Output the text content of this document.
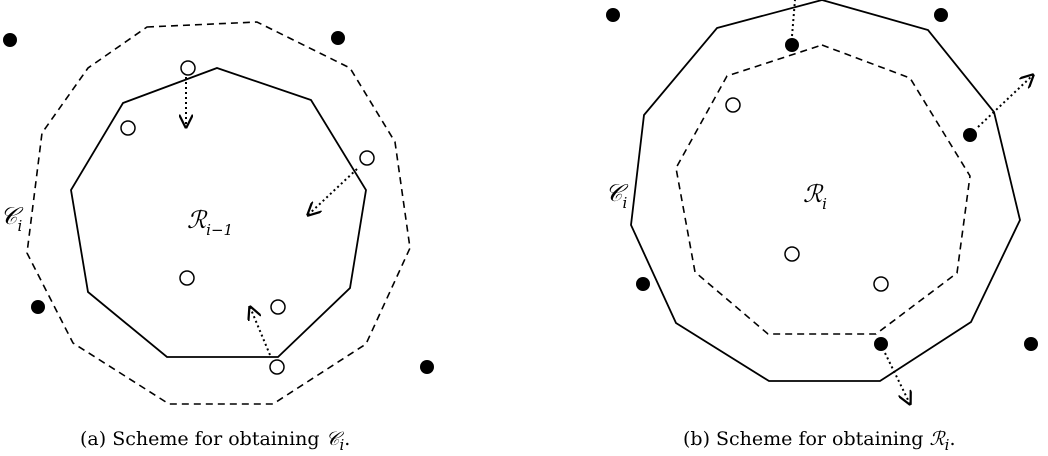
ℛ$_{i-1}$
𝒞$_i$
(a) Scheme for obtaining 𝒞$_i$.
ℛ$_i$
𝒞$_i$
(b) Scheme for obtaining ℛ$_i$.
